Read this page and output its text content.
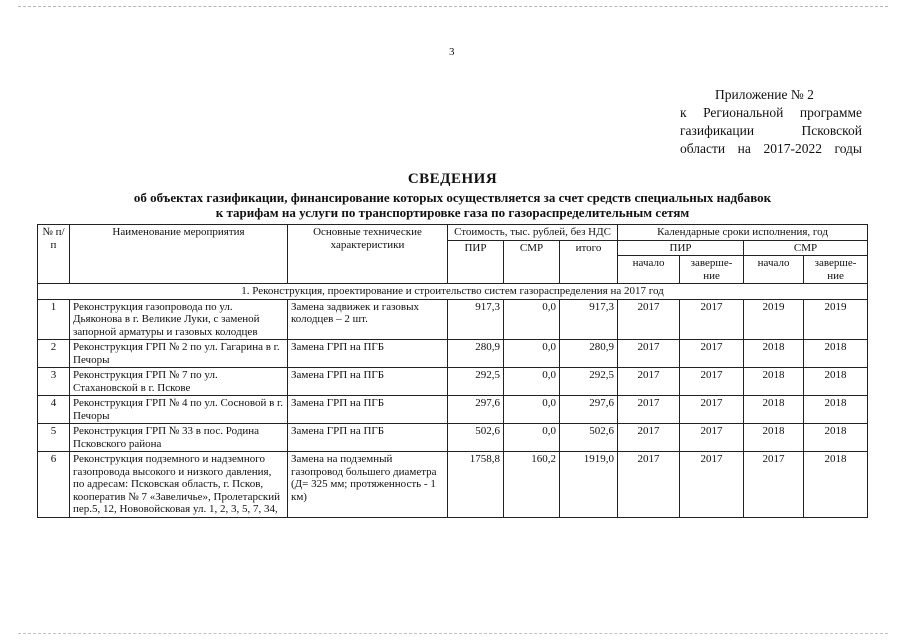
3
Приложение № 2
к Региональной программе
газификации Псковской
области на 2017-2022 годы
СВЕДЕНИЯ
об объектах газификации, финансирование которых осуществляется за счет средств специальных надбавок
к тарифам на услуги по транспортировке газа по газораспределительным сетям
№ п/п	Наименование мероприятия	Основные технические характеристики	Стоимость, тыс. рублей, без НДС			Календарные сроки исполнения, год			
			ПИР	СМР	итого	ПИР		СМР	
						начало	заверше-ние	начало	заверше-ние
1. Реконструкция, проектирование и строительство систем газораспределения на 2017 год									
1	Реконструкция газопровода по ул. Дьяконова в г. Великие Луки, с заменой запорной арматуры и газовых колодцев	Замена задвижек и газовых колодцев – 2 шт.	917,3	0,0	917,3	2017	2017	2019	2019
2	Реконструкция ГРП № 2 по ул. Гагарина в г. Печоры	Замена ГРП на ПГБ	280,9	0,0	280,9	2017	2017	2018	2018
3	Реконструкция ГРП № 7 по ул. Стахановской в г. Пскове	Замена ГРП на ПГБ	292,5	0,0	292,5	2017	2017	2018	2018
4	Реконструкция ГРП № 4 по ул. Сосновой в г. Печоры	Замена ГРП на ПГБ	297,6	0,0	297,6	2017	2017	2018	2018
5	Реконструкция ГРП № 33 в пос. Родина Псковского района	Замена ГРП на ПГБ	502,6	0,0	502,6	2017	2017	2018	2018
6	Реконструкция подземного и надземного газопровода высокого и низкого давления, по адресам: Псковская область, г. Псков, кооператив № 7 «Завеличье», Пролетарский пер.5, 12, Нововойсковая ул. 1, 2, 3, 5, 7, 34,	Замена на подземный газопровод большего диаметра (Д= 325 мм; протяженность - 1 км)	1758,8	160,2	1919,0	2017	2017	2017	2018
